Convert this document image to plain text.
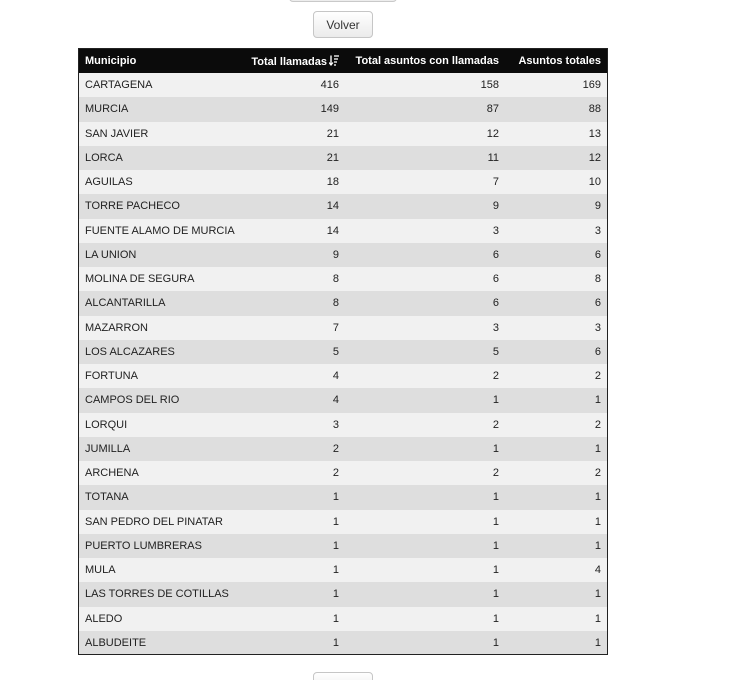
Volver
Municipio	Total llamadas	Total asuntos con llamadas	Asuntos totales
CARTAGENA	416	158	169
MURCIA	149	87	88
SAN JAVIER	21	12	13
LORCA	21	11	12
AGUILAS	18	7	10
TORRE PACHECO	14	9	9
FUENTE ALAMO DE MURCIA	14	3	3
LA UNION	9	6	6
MOLINA DE SEGURA	8	6	8
ALCANTARILLA	8	6	6
MAZARRON	7	3	3
LOS ALCAZARES	5	5	6
FORTUNA	4	2	2
CAMPOS DEL RIO	4	1	1
LORQUI	3	2	2
JUMILLA	2	1	1
ARCHENA	2	2	2
TOTANA	1	1	1
SAN PEDRO DEL PINATAR	1	1	1
PUERTO LUMBRERAS	1	1	1
MULA	1	1	4
LAS TORRES DE COTILLAS	1	1	1
ALEDO	1	1	1
ALBUDEITE	1	1	1
